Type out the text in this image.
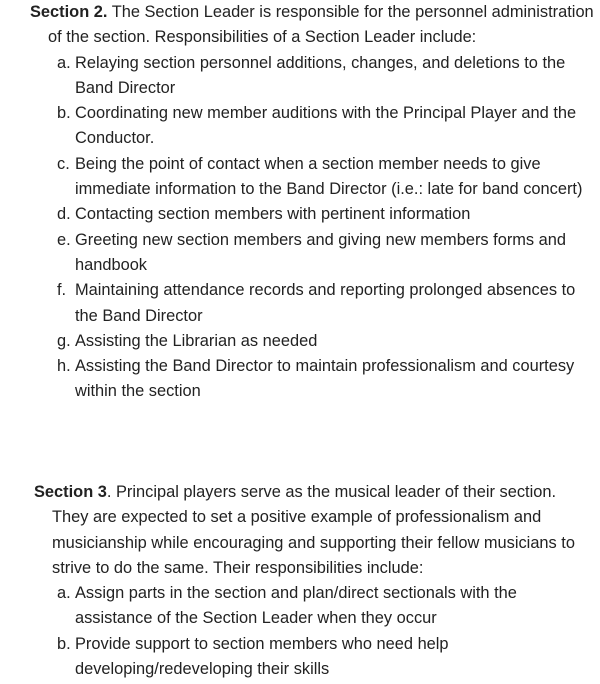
Section 2. The Section Leader is responsible for the personnel administration of the section. Responsibilities of a Section Leader include:

a. Relaying section personnel additions, changes, and deletions to the Band Director
b. Coordinating new member auditions with the Principal Player and the Conductor.
c. Being the point of contact when a section member needs to give immediate information to the Band Director (i.e.: late for band concert)
d. Contacting section members with pertinent information
e. Greeting new section members and giving new members forms and handbook
f. Maintaining attendance records and reporting prolonged absences to the Band Director
g. Assisting the Librarian as needed
h. Assisting the Band Director to maintain professionalism and courtesy within the section

Section 3. Principal players serve as the musical leader of their section. They are expected to set a positive example of professionalism and musicianship while encouraging and supporting their fellow musicians to strive to do the same. Their responsibilities include:

a. Assign parts in the section and plan/direct sectionals with the assistance of the Section Leader when they occur
b. Provide support to section members who need help developing/redeveloping their skills
